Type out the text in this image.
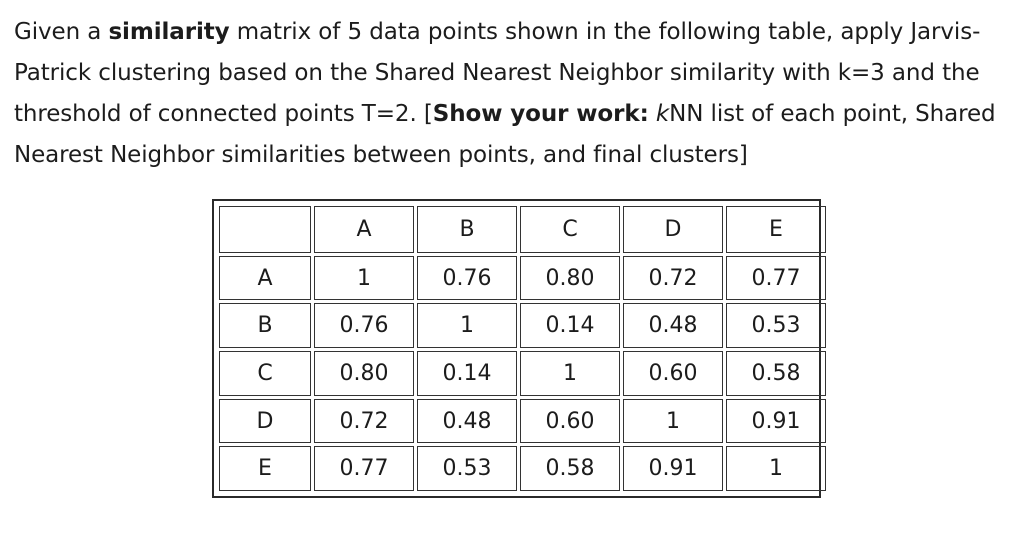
Given a similarity matrix of 5 data points shown in the following table, apply Jarvis-Patrick clustering based on the Shared Nearest Neighbor similarity with k=3 and the threshold of connected points T=2. [Show your work: kNN list of each point, Shared Nearest Neighbor similarities between points, and final clusters]

	A	B	C	D	E
A	1	0.76	0.80	0.72	0.77
B	0.76	1	0.14	0.48	0.53
C	0.80	0.14	1	0.60	0.58
D	0.72	0.48	0.60	1	0.91
E	0.77	0.53	0.58	0.91	1
